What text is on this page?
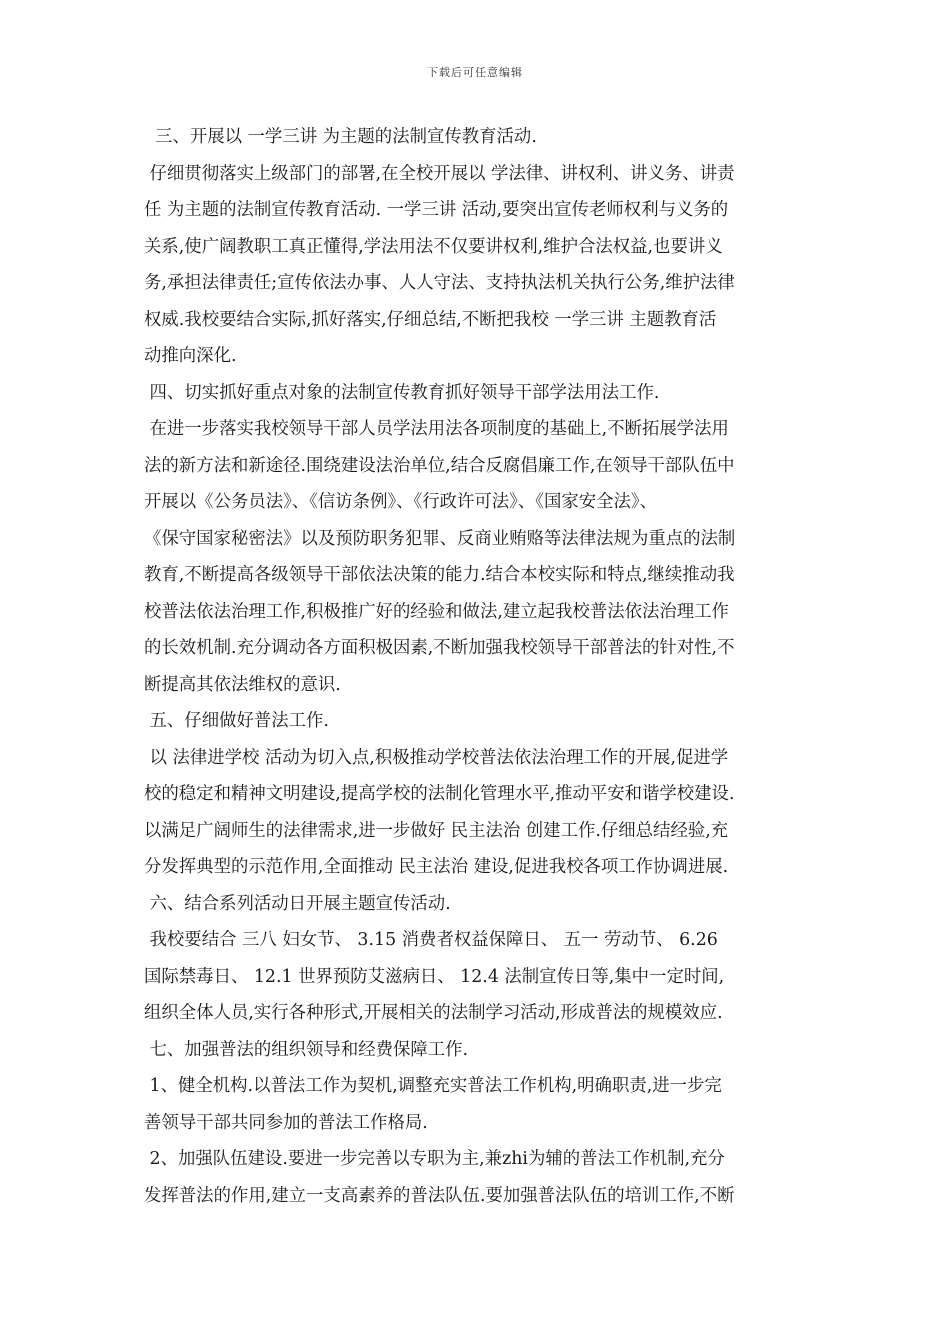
下载后可任意编辑
三、开展以 一学三讲 为主题的法制宣传教育活动.
仔细贯彻落实上级部门的部署,在全校开展以 学法律、讲权利、讲义务、讲责
任 为主题的法制宣传教育活动. 一学三讲 活动,要突出宣传老师权利与义务的
关系,使广阔教职工真正懂得,学法用法不仅要讲权利,维护合法权益,也要讲义
务,承担法律责任;宣传依法办事、人人守法、支持执法机关执行公务,维护法律
权威.我校要结合实际,抓好落实,仔细总结,不断把我校 一学三讲 主题教育活
动推向深化.
四、切实抓好重点对象的法制宣传教育抓好领导干部学法用法工作.
在进一步落实我校领导干部人员学法用法各项制度的基础上,不断拓展学法用
法的新方法和新途径.围绕建设法治单位,结合反腐倡廉工作,在领导干部队伍中
开展以《公务员法》、《信访条例》、《行政许可法》、《国家安全法》、
《保守国家秘密法》以及预防职务犯罪、反商业贿赂等法律法规为重点的法制
教育,不断提高各级领导干部依法决策的能力.结合本校实际和特点,继续推动我
校普法依法治理工作,积极推广好的经验和做法,建立起我校普法依法治理工作
的长效机制.充分调动各方面积极因素,不断加强我校领导干部普法的针对性,不
断提高其依法维权的意识.
五、仔细做好普法工作.
以 法律进学校 活动为切入点,积极推动学校普法依法治理工作的开展,促进学
校的稳定和精神文明建设,提高学校的法制化管理水平,推动平安和谐学校建设.
以满足广阔师生的法律需求,进一步做好 民主法治 创建工作.仔细总结经验,充
分发挥典型的示范作用,全面推动 民主法治 建设,促进我校各项工作协调进展.
六、结合系列活动日开展主题宣传活动.
我校要结合 三八 妇女节、 3.15 消费者权益保障日、 五一 劳动节、 6.26
国际禁毒日、 12.1 世界预防艾滋病日、 12.4 法制宣传日等,集中一定时间,
组织全体人员,实行各种形式,开展相关的法制学习活动,形成普法的规模效应.
七、加强普法的组织领导和经费保障工作.
1、健全机构.以普法工作为契机,调整充实普法工作机构,明确职责,进一步完
善领导干部共同参加的普法工作格局.
2、加强队伍建设.要进一步完善以专职为主,兼zhi为辅的普法工作机制,充分
发挥普法的作用,建立一支高素养的普法队伍.要加强普法队伍的培训工作,不断
